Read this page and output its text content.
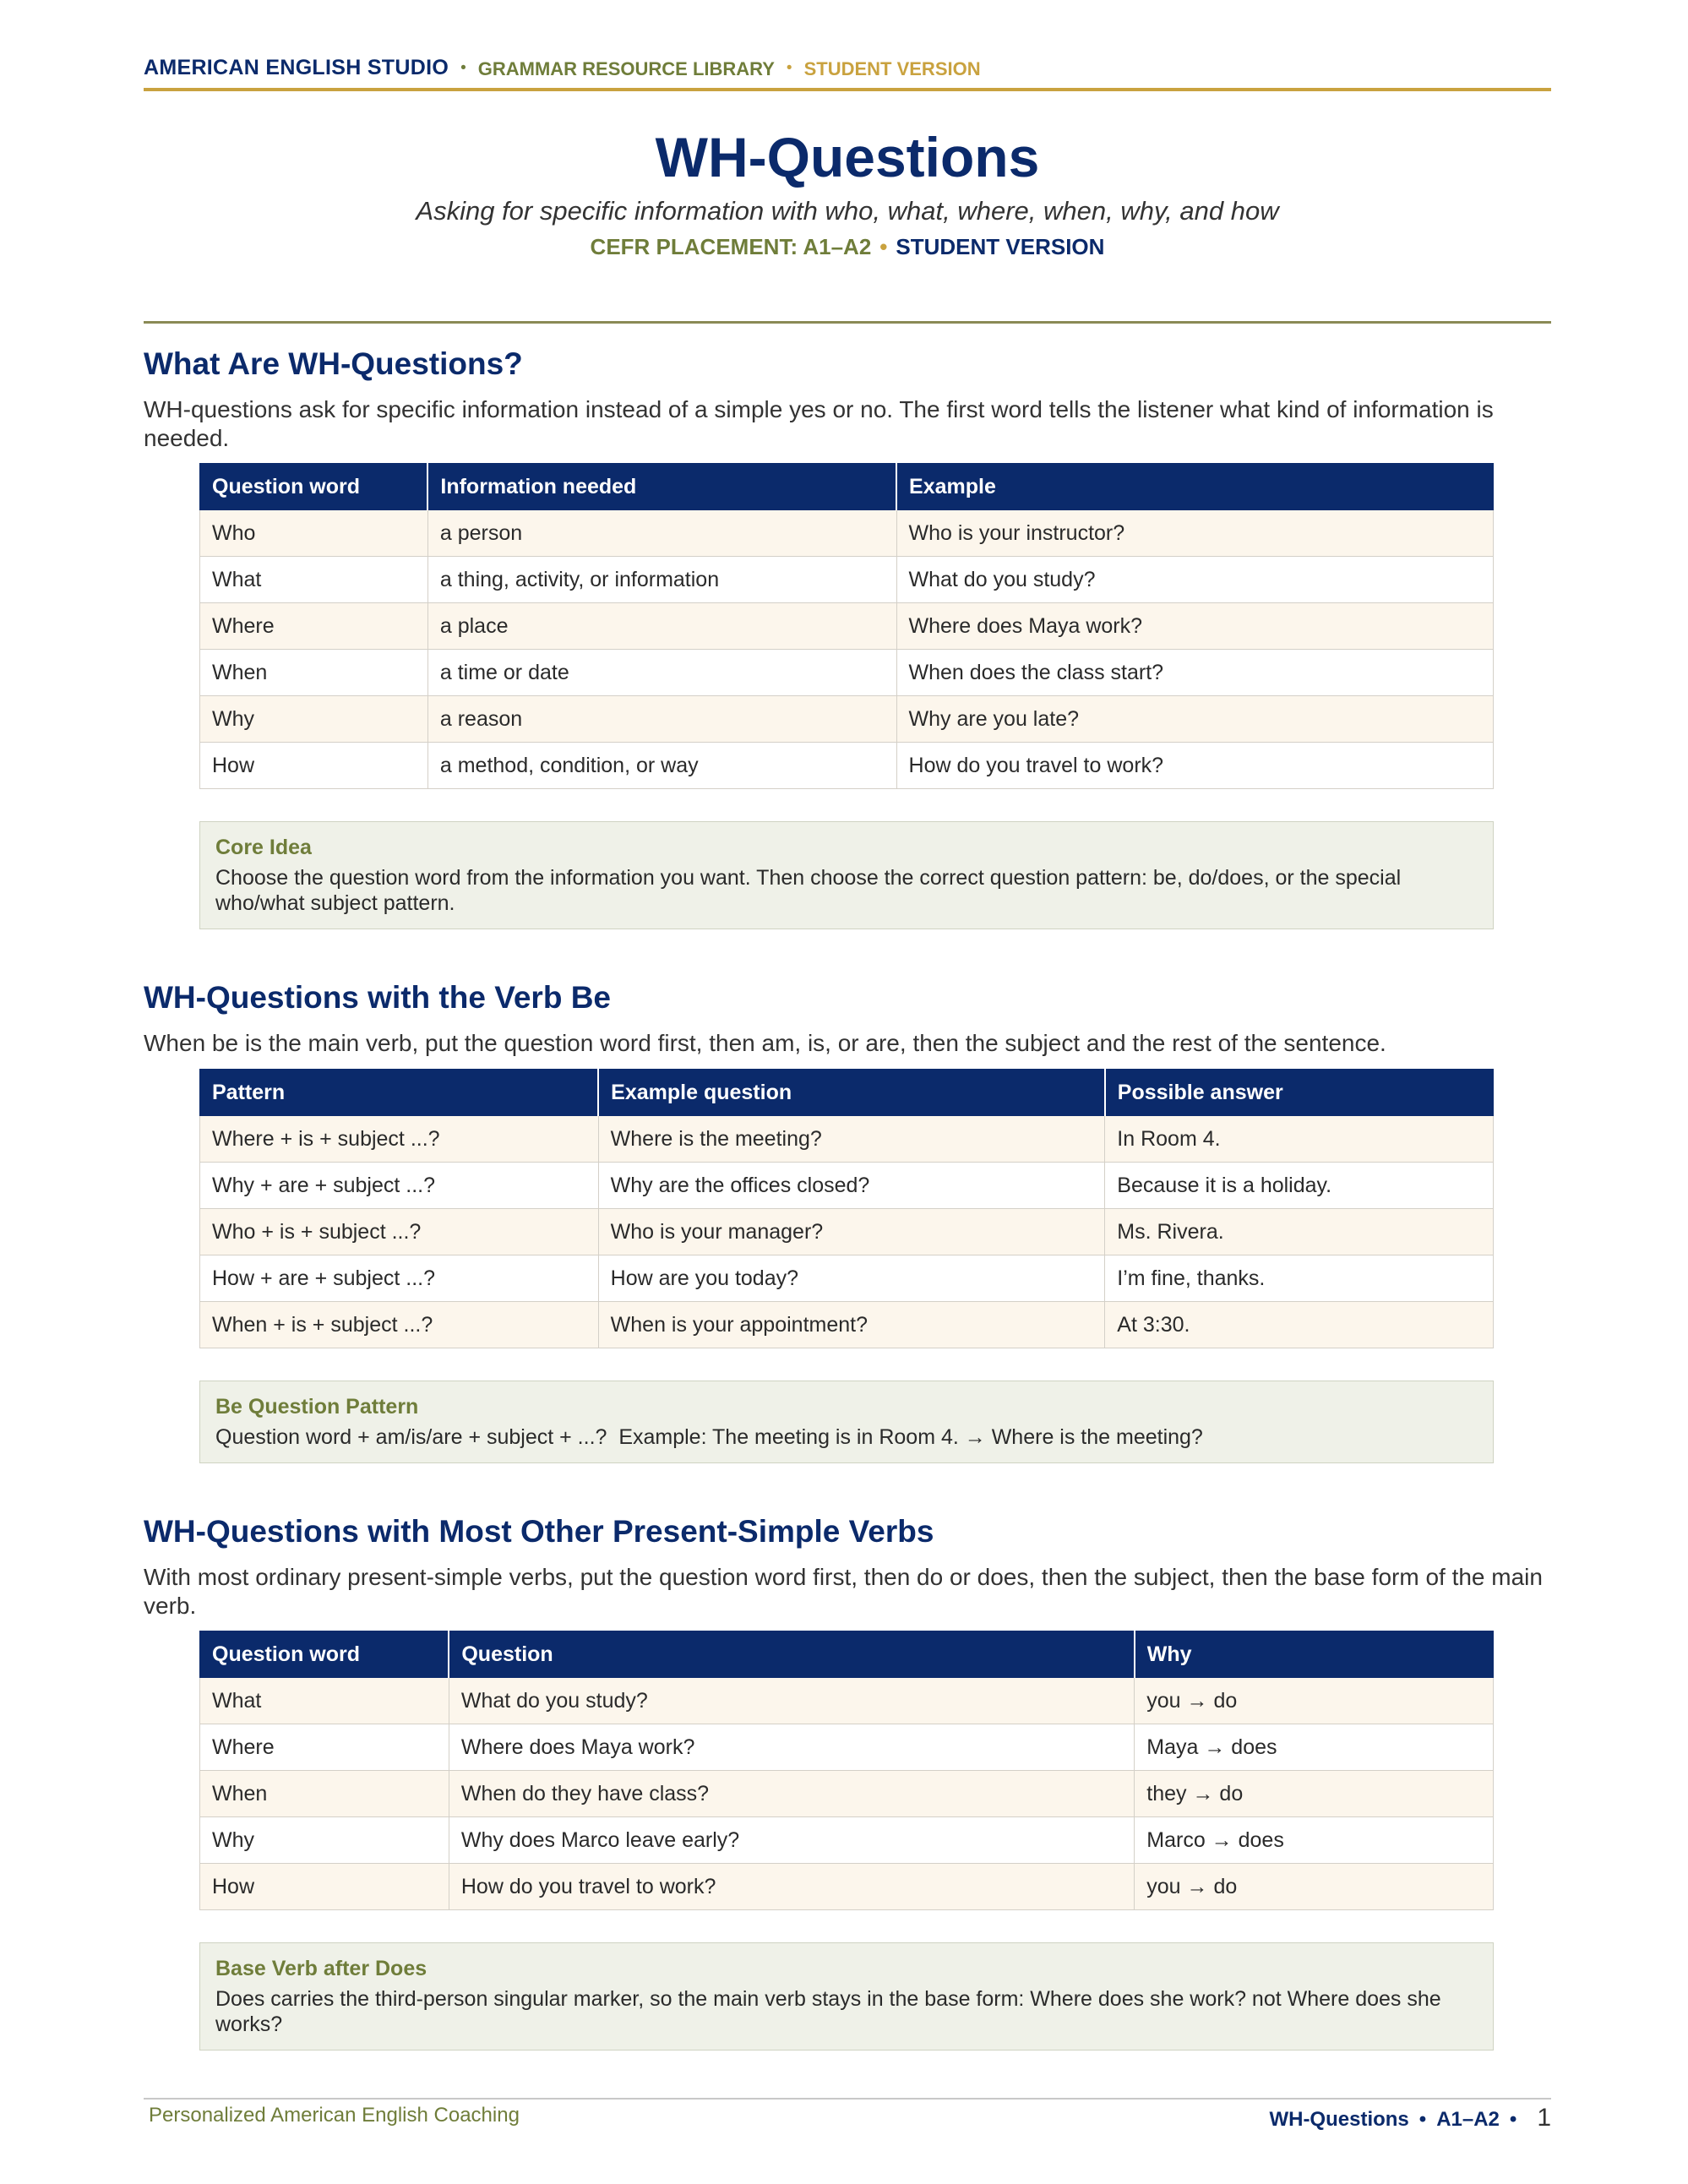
AMERICAN ENGLISH STUDIO • GRAMMAR RESOURCE LIBRARY • STUDENT VERSION
WH-Questions
Asking for specific information with who, what, where, when, why, and how
CEFR PLACEMENT: A1–A2 • STUDENT VERSION
What Are WH-Questions?
WH-questions ask for specific information instead of a simple yes or no. The first word tells the listener what kind of information is needed.
Question word	Information needed	Example
Who	a person	Who is your instructor?
What	a thing, activity, or information	What do you study?
Where	a place	Where does Maya work?
When	a time or date	When does the class start?
Why	a reason	Why are you late?
How	a method, condition, or way	How do you travel to work?
Core Idea
Choose the question word from the information you want. Then choose the correct question pattern: be, do/does, or the special who/what subject pattern.
WH-Questions with the Verb Be
When be is the main verb, put the question word first, then am, is, or are, then the subject and the rest of the sentence.
Pattern	Example question	Possible answer
Where + is + subject ...?	Where is the meeting?	In Room 4.
Why + are + subject ...?	Why are the offices closed?	Because it is a holiday.
Who + is + subject ...?	Who is your manager?	Ms. Rivera.
How + are + subject ...?	How are you today?	I’m fine, thanks.
When + is + subject ...?	When is your appointment?	At 3:30.
Be Question Pattern
Question word + am/is/are + subject + ...?  Example: The meeting is in Room 4. → Where is the meeting?
WH-Questions with Most Other Present-Simple Verbs
With most ordinary present-simple verbs, put the question word first, then do or does, then the subject, then the base form of the main verb.
Question word	Question	Why
What	What do you study?	you → do
Where	Where does Maya work?	Maya → does
When	When do they have class?	they → do
Why	Why does Marco leave early?	Marco → does
How	How do you travel to work?	you → do
Base Verb after Does
Does carries the third-person singular marker, so the main verb stays in the base form: Where does she work? not Where does she works?
Personalized American English Coaching	WH-Questions • A1–A2 • 1
